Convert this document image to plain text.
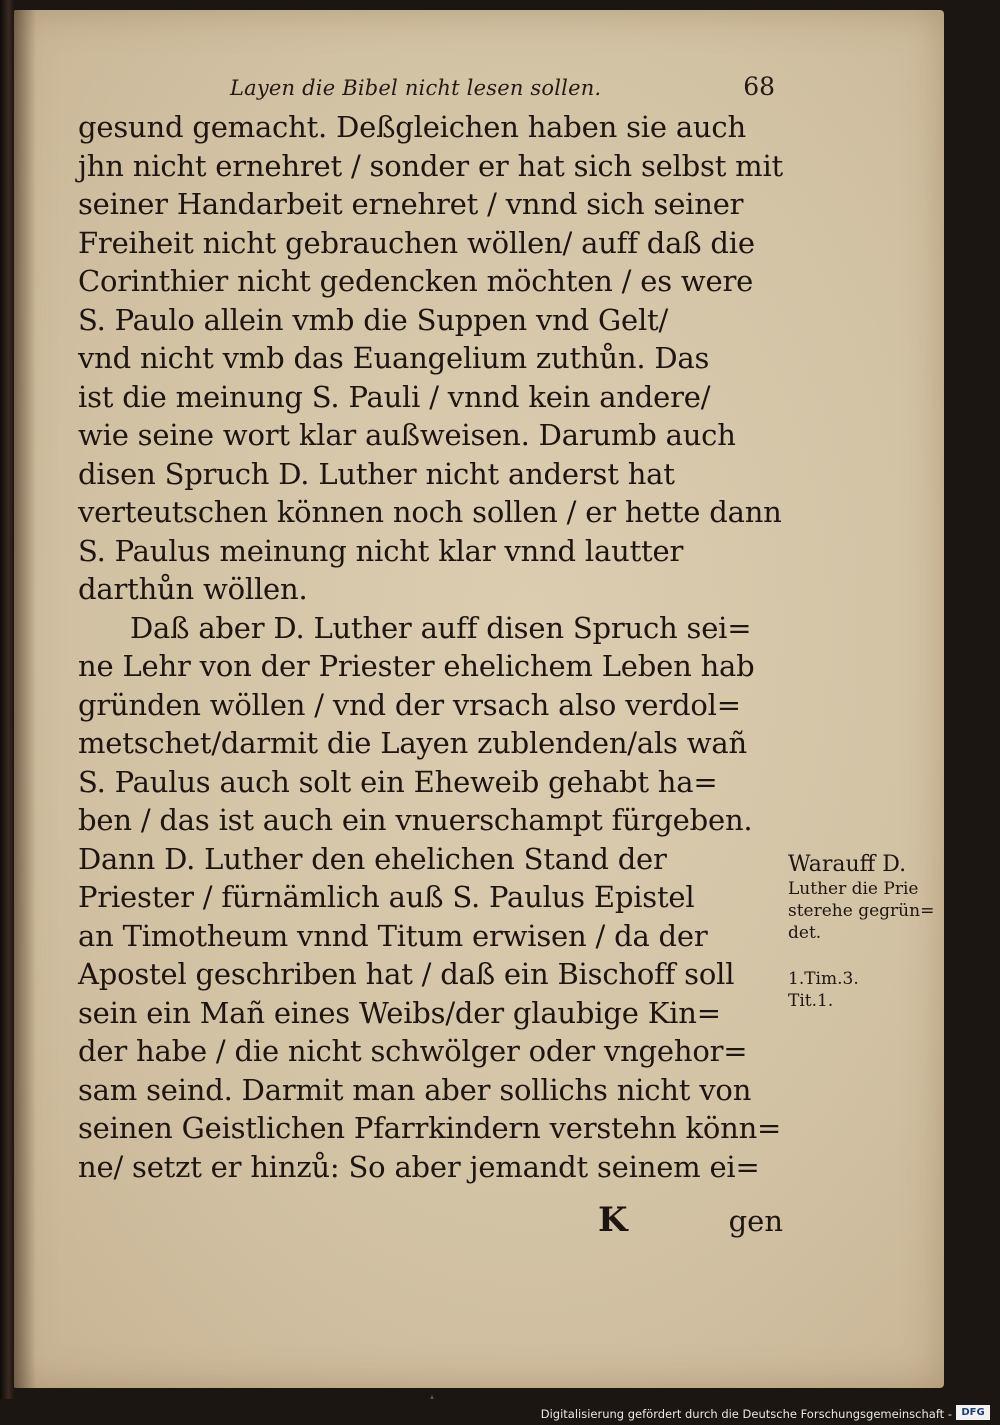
Layen die Bibel nicht lesen sollen.	68
gesund gemacht. Deßgleichen haben sie auch
jhn nicht ernehret / sonder er hat sich selbst mit
seiner Handarbeit ernehret / vnnd sich seiner
Freiheit nicht gebrauchen wöllen/ auff daß die
Corinthier nicht gedencken möchten / es were
S. Paulo allein vmb die Suppen vnd Gelt/
vnd nicht vmb das Euangelium zuthůn. Das
ist die meinung S. Pauli / vnnd kein andere/
wie seine wort klar außweisen. Darumb auch
disen Spruch D. Luther nicht anderst hat
verteutschen können noch sollen / er hette dann
S. Paulus meinung nicht klar vnnd lautter
darthůn wöllen.
Daß aber D. Luther auff disen Spruch sei=
ne Lehr von der Priester ehelichem Leben hab
gründen wöllen / vnd der vrsach also verdol=
metschet/darmit die Layen zublenden/als wañ
S. Paulus auch solt ein Eheweib gehabt ha=
ben / das ist auch ein vnuerschampt fürgeben.
Dann D. Luther den ehelichen Stand der
Priester / fürnämlich auß S. Paulus Epistel
an Timotheum vnnd Titum erwisen / da der
Apostel geschriben hat / daß ein Bischoff soll
sein ein Mañ eines Weibs/der glaubige Kin=
der habe / die nicht schwölger oder vngehor=
sam seind. Darmit man aber sollichs nicht von
seinen Geistlichen Pfarrkindern verstehn könn=
ne/ setzt er hinzů: So aber jemandt seinem ei=
Warauff D.
Luther die Prie
sterehe gegrün=
det.
1.Tim.3.
Tit.1.
K	gen
Digitalisierung gefördert durch die Deutsche Forschungsgemeinschaft - DFG
